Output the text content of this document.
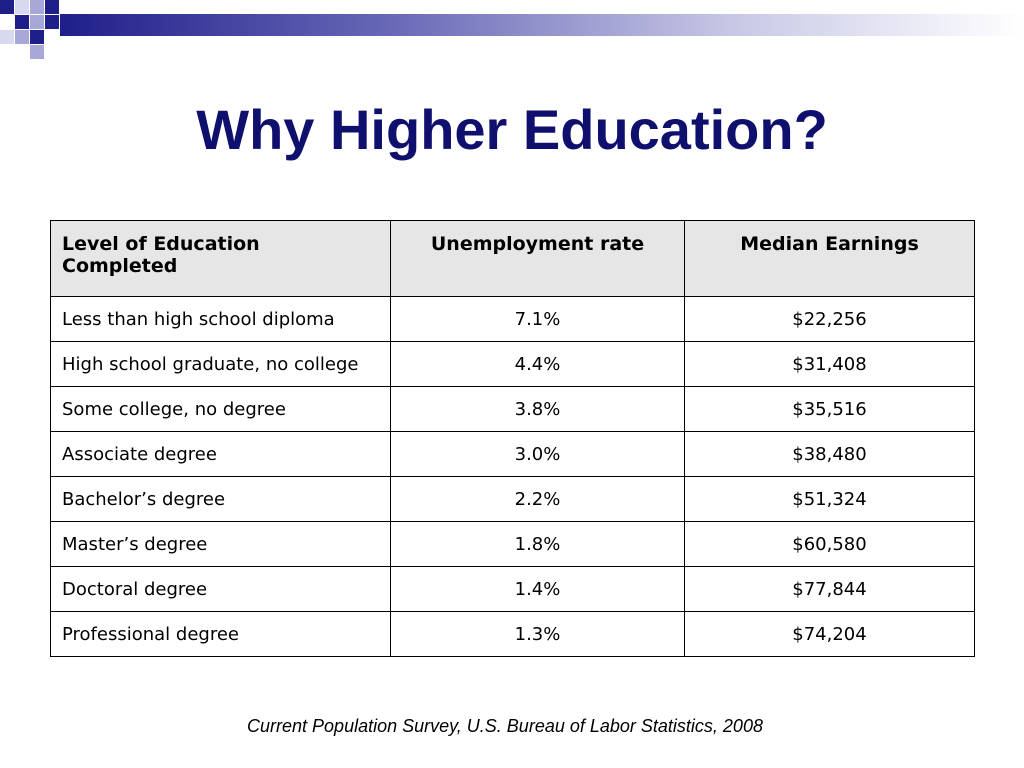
Why Higher Education?
Level of Education Completed	Unemployment rate	Median Earnings
Less than high school diploma	7.1%	$22,256
High school graduate, no college	4.4%	$31,408
Some college, no degree	3.8%	$35,516
Associate degree	3.0%	$38,480
Bachelor’s degree	2.2%	$51,324
Master’s degree	1.8%	$60,580
Doctoral degree	1.4%	$77,844
Professional degree	1.3%	$74,204
Current Population Survey, U.S. Bureau of Labor Statistics, 2008
